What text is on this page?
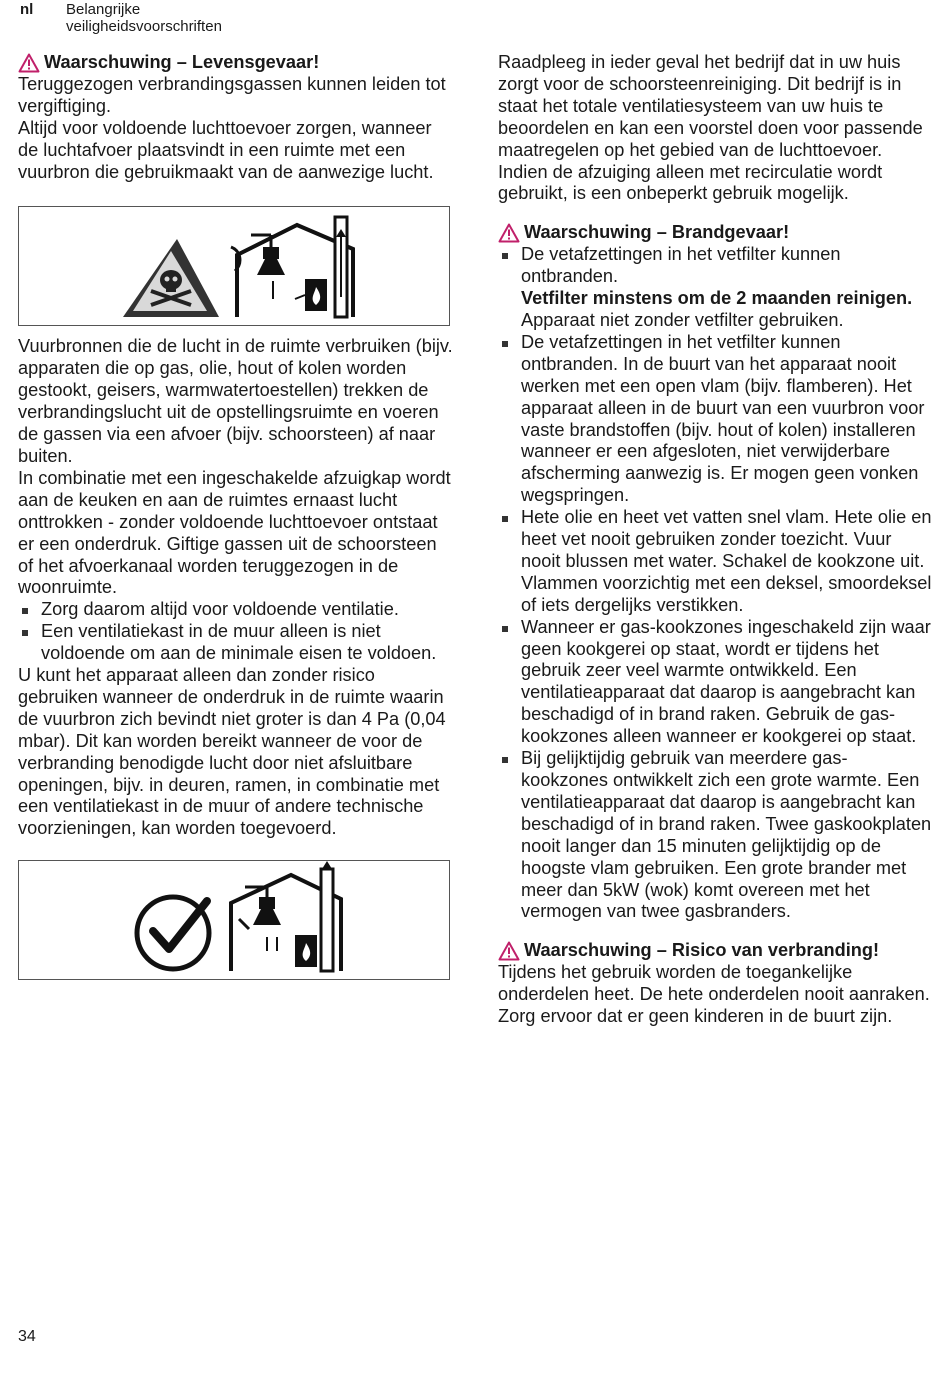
nl Belangrijke veiligheidsvoorschriften

Waarschuwing – Levensgevaar!

Teruggezogen verbrandingsgassen kunnen leiden tot vergiftiging.

Altijd voor voldoende luchttoevoer zorgen, wanneer de luchtafvoer plaatsvindt in een ruimte met een vuurbron die gebruikmaakt van de aanwezige lucht.

Vuurbronnen die de lucht in de ruimte verbruiken (bijv. apparaten die op gas, olie, hout of kolen worden gestookt, geisers, warmwatertoestellen) trekken de verbrandingslucht uit de opstellingsruimte en voeren de gassen via een afvoer (bijv. schoorsteen) af naar buiten.

In combinatie met een ingeschakelde afzuigkap wordt aan de keuken en aan de ruimtes ernaast lucht onttrokken - zonder voldoende luchttoevoer ontstaat er een onderdruk. Giftige gassen uit de schoorsteen of het afvoerkanaal worden teruggezogen in de woonruimte.

Zorg daarom altijd voor voldoende ventilatie.
Een ventilatiekast in de muur alleen is niet voldoende om aan de minimale eisen te voldoen.

U kunt het apparaat alleen dan zonder risico gebruiken wanneer de onderdruk in de ruimte waarin de vuurbron zich bevindt niet groter is dan 4 Pa (0,04 mbar). Dit kan worden bereikt wanneer de voor de verbranding benodigde lucht door niet afsluitbare openingen, bijv. in deuren, ramen, in combinatie met een ventilatiekast in de muur of andere technische voorzieningen, kan worden toegevoerd.

Raadpleeg in ieder geval het bedrijf dat in uw huis zorgt voor de schoorsteenreiniging. Dit bedrijf is in staat het totale ventilatiesysteem van uw huis te beoordelen en kan een voorstel doen voor passende maatregelen op het gebied van de luchttoevoer.

Indien de afzuiging alleen met recirculatie wordt gebruikt, is een onbeperkt gebruik mogelijk.

Waarschuwing – Brandgevaar!

De vetafzettingen in het vetfilter kunnen ontbranden.
Vetfilter minstens om de 2 maanden reinigen.
Apparaat niet zonder vetfilter gebruiken.
De vetafzettingen in het vetfilter kunnen ontbranden. In de buurt van het apparaat nooit werken met een open vlam (bijv. flamberen). Het apparaat alleen in de buurt van een vuurbron voor vaste brandstoffen (bijv. hout of kolen) installeren wanneer er een afgesloten, niet verwijderbare afscherming aanwezig is. Er mogen geen vonken wegspringen.
Hete olie en heet vet vatten snel vlam. Hete olie en heet vet nooit gebruiken zonder toezicht. Vuur nooit blussen met water. Schakel de kookzone uit. Vlammen voorzichtig met een deksel, smoordeksel of iets dergelijks verstikken.
Wanneer er gas-kookzones ingeschakeld zijn waar geen kookgerei op staat, wordt er tijdens het gebruik zeer veel warmte ontwikkeld. Een ventilatieapparaat dat daarop is aangebracht kan beschadigd of in brand raken. Gebruik de gas-kookzones alleen wanneer er kookgerei op staat.
Bij gelijktijdig gebruik van meerdere gas-kookzones ontwikkelt zich een grote warmte. Een ventilatieapparaat dat daarop is aangebracht kan beschadigd of in brand raken. Twee gaskookplaten nooit langer dan 15 minuten gelijktijdig op de hoogste vlam gebruiken. Een grote brander met meer dan 5kW (wok) komt overeen met het vermogen van twee gasbranders.

Waarschuwing – Risico van verbranding!

Tijdens het gebruik worden de toegankelijke onderdelen heet. De hete onderdelen nooit aanraken. Zorg ervoor dat er geen kinderen in de buurt zijn.

34
